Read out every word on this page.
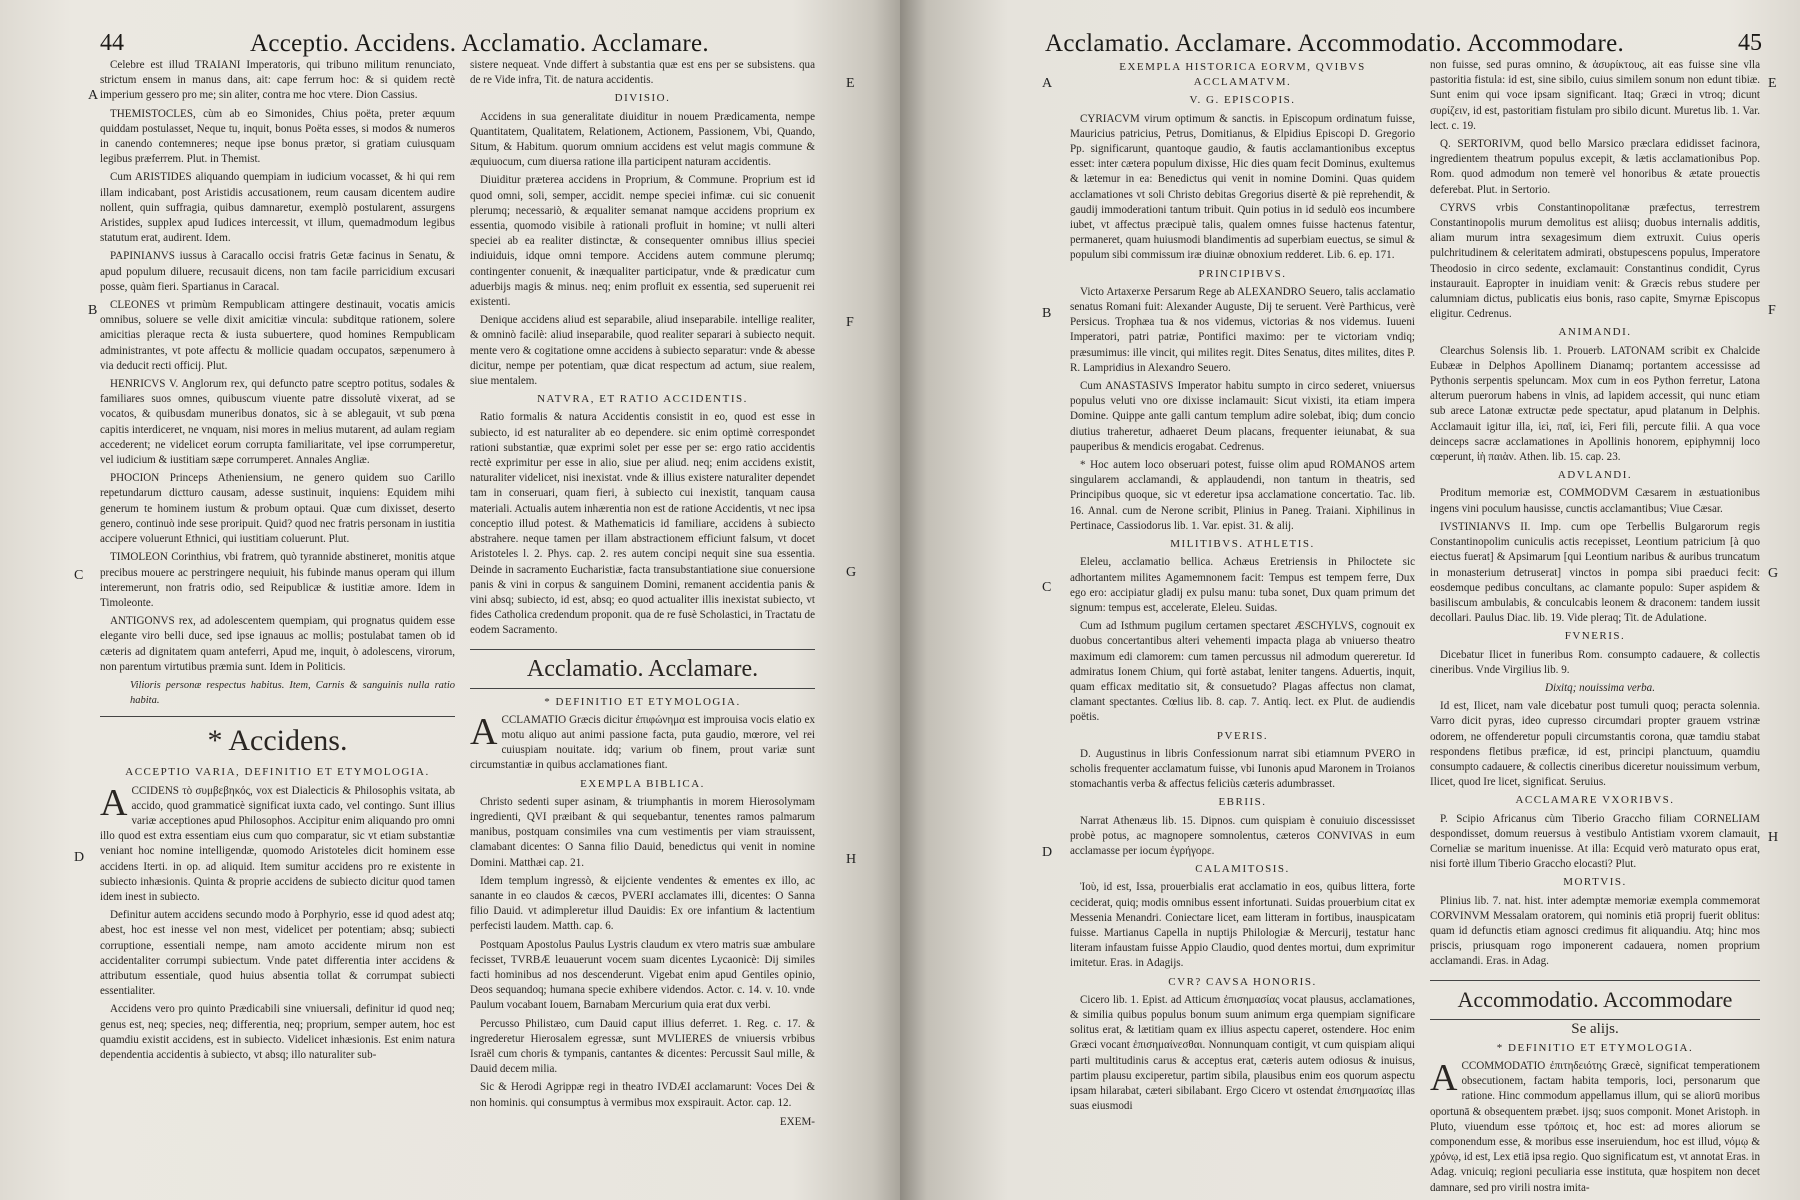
44	Acceptio. Accidens. Acclamatio. Acclamare.
A
B
C
D
E
F
G
H

Celebre est illud TRAIANI Imperatoris, qui tribuno militum renunciato, strictum ensem in manus dans, ait: cape ferrum hoc: & si quidem rectè imperium gessero pro me; sin aliter, contra me hoc vtere. Dion Cassius.

THEMISTOCLES, cùm ab eo Simonides, Chius poëta, preter æquum quiddam postulasset, Neque tu, inquit, bonus Poëta esses, si modos & numeros in canendo contemneres; neque ipse bonus prætor, si gratiam cuiusquam legibus præferrem. Plut. in Themist.

Cum ARISTIDES aliquando quempiam in iudicium vocasset, & hi qui rem illam indicabant, post Aristidis accusationem, reum causam dicentem audire nollent, quin suffragia, quibus damnaretur, exemplò postularent, assurgens Aristides, supplex apud Iudices intercessit, vt illum, quemadmodum legibus statutum erat, audirent. Idem.

PAPINIANVS iussus à Caracallo occisi fratris Getæ facinus in Senatu, & apud populum diluere, recusauit dicens, non tam facile parricidium excusari posse, quàm fieri. Spartianus in Caracal.

CLEONES vt primùm Rempublicam attingere destinauit, vocatis amicis omnibus, soluere se velle dixit amicitiæ vincula: subditque rationem, solere amicitias pleraque recta & iusta subuertere, quod homines Rempublicam administrantes, vt pote affectu & mollicie quadam occupatos, sæpenumero à via deducit recti officij. Plut.

HENRICVS V. Anglorum rex, qui defuncto patre sceptro potitus, sodales & familiares suos omnes, quibuscum viuente patre dissolutè vixerat, ad se vocatos, & quibusdam muneribus donatos, sic à se ablegauit, vt sub pœna capitis interdiceret, ne vnquam, nisi mores in melius mutarent, ad aulam regiam accederent; ne videlicet eorum corrupta familiaritate, vel ipse corrumperetur, vel iudicium & iustitiam sæpe corrumperet. Annales Angliæ.

PHOCION Princeps Atheniensium, ne genero quidem suo Carillo repetundarum dictturo causam, adesse sustinuit, inquiens: Equidem mihi generum te hominem iustum & probum optaui. Quæ cum dixisset, deserto genero, continuò inde sese proripuit. Quid? quod nec fratris personam in iustitia accipere voluerunt Ethnici, qui iustitiam coluerunt. Plut.

TIMOLEON Corinthius, vbi fratrem, quò tyrannide abstineret, monitis atque precibus mouere ac perstringere nequiuit, his fubinde manus operam qui illum interemerunt, non fratris odio, sed Reipublicæ & iustitiæ amore. Idem in Timoleonte.

ANTIGONVS rex, ad adolescentem quempiam, qui prognatus quidem esse elegante viro belli duce, sed ipse ignauus ac mollis; postulabat tamen ob id cæteris ad dignitatem quam anteferri, Apud me, inquit, ò adolescens, virorum, non parentum virtutibus præmia sunt. Idem in Politicis.

Vilioris personæ respectus habitus. Item, Carnis & sanguinis nulla ratio habita.
* Accidens.
ACCEPTIO VARIA, DEFINITIO ET ETYMOLOGIA.

ACCIDENS τὸ συμβεβηκός, vox est Dialecticis & Philosophis vsitata, ab accido, quod grammaticè significat iuxta cado, vel contingo. Sunt illius variæ acceptiones apud Philosophos. Accipitur enim aliquando pro omni illo quod est extra essentiam eius cum quo comparatur, sic vt etiam substantiæ veniant hoc nomine intelligendæ, quomodo Aristoteles dicit hominem esse accidens Iterti. in op. ad aliquid. Item sumitur accidens pro re existente in subiecto inhæsionis. Quinta & proprie accidens de subiecto dicitur quod tamen idem inest in subiecto.

Definitur autem accidens secundo modo à Porphyrio, esse id quod adest atq; abest, hoc est inesse vel non mest, videlicet per potentiam; absq; subiecti corruptione, essentiali nempe, nam amoto accidente mirum non est accidentaliter corrumpi subiectum. Vnde patet differentia inter accidens & attributum essentiale, quod huius absentia tollat & corrumpat subiecti essentialiter.

Accidens vero pro quinto Prædicabili sine vniuersali, definitur id quod neq; genus est, neq; species, neq; differentia, neq; proprium, semper autem, hoc est quamdiu existit accidens, est in subiecto. Videlicet inhæsionis. Est enim natura dependentia accidentis à subiecto, vt absq; illo naturaliter sub-

sistere nequeat. Vnde differt à substantia quæ est ens per se subsistens. qua de re Vide infra, Tit. de natura accidentis.

DIVISIO.

Accidens in sua generalitate diuiditur in nouem Prædicamenta, nempe Quantitatem, Qualitatem, Relationem, Actionem, Passionem, Vbi, Quando, Situm, & Habitum. quorum omnium accidens est velut magis commune & æquiuocum, cum diuersa ratione illa participent naturam accidentis.

Diuiditur præterea accidens in Proprium, & Commune. Proprium est id quod omni, soli, semper, accidit. nempe speciei infimæ. cui sic conuenit plerumq; necessariò, & æqualiter semanat namque accidens proprium ex essentia, quomodo visibile à rationali profluit in homine; vt nulli alteri speciei ab ea realiter distinctæ, & consequenter omnibus illius speciei indiuiduis, idque omni tempore. Accidens autem commune plerumq; contingenter conuenit, & inæqualiter participatur, vnde & prædicatur cum aduerbijs magis & minus. neq; enim profluit ex essentia, sed superuenit rei existenti.

Denique accidens aliud est separabile, aliud inseparabile. intellige realiter, & omninò facilè: aliud inseparabile, quod realiter separari à subiecto nequit. mente vero & cogitatione omne accidens à subiecto separatur: vnde & abesse dicitur, nempe per potentiam, quæ dicat respectum ad actum, siue realem, siue mentalem.

NATVRA, ET RATIO ACCIDENTIS.

Ratio formalis & natura Accidentis consistit in eo, quod est esse in subiecto, id est naturaliter ab eo dependere. sic enim optimè correspondet rationi substantiæ, quæ exprimi solet per esse per se: ergo ratio accidentis rectè exprimitur per esse in alio, siue per aliud. neq; enim accidens existit, naturaliter videlicet, nisi inexistat. vnde & illius existere naturaliter dependet tam in conseruari, quam fieri, à subiecto cui inexistit, tanquam causa materiali. Actualis autem inhærentia non est de ratione Accidentis, vt nec ipsa conceptio illud potest. & Mathematicis id familiare, accidens à subiecto abstrahere. neque tamen per illam abstractionem efficiunt falsum, vt docet Aristoteles l. 2. Phys. cap. 2. res autem concipi nequit sine sua essentia. Deinde in sacramento Eucharistiæ, facta transubstantiatione siue conuersione panis & vini in corpus & sanguinem Domini, remanent accidentia panis & vini absq; subiecto, id est, absq; eo quod actualiter illis inexistat subiecto, vt fides Catholica credendum proponit. qua de re fusè Scholastici, in Tractatu de eodem Sacramento.

Acclamatio. Acclamare.
* DEFINITIO ET ETYMOLOGIA.

ACCLAMATIO Græcis dicitur ἐπιφώνημα est improuisa vocis elatio ex motu aliquo aut animi passione facta, puta gaudio, mœrore, vel rei cuiuspiam nouitate. idq; varium ob finem, prout variæ sunt circumstantiæ in quibus acclamationes fiant.

EXEMPLA BIBLICA.

Christo sedenti super asinam, & triumphantis in morem Hierosolymam ingredienti, QVI præibant & qui sequebantur, tenentes ramos palmarum manibus, postquam consimiles vna cum vestimentis per viam strauissent, clamabant dicentes: O Sanna filio Dauid, benedictus qui venit in nomine Domini. Matthæi cap. 21.

Idem templum ingressò, & eijciente vendentes & ementes ex illo, ac sanante in eo claudos & cæcos, PVERI acclamates illi, dicentes: O Sanna filio Dauid. vt adimpleretur illud Dauidis: Ex ore infantium & lactentium perfecisti laudem. Matth. cap. 6.

Postquam Apostolus Paulus Lystris claudum ex vtero matris suæ ambulare fecisset, TVRBÆ leuauerunt vocem suam dicentes Lycaonicè: Dij similes facti hominibus ad nos descenderunt. Vigebat enim apud Gentiles opinio, Deos sequandoq; humana specie exhibere videndos. Actor. c. 14. v. 10. vnde Paulum vocabant Iouem, Barnabam Mercurium quia erat dux verbi.

Percusso Philistæo, cum Dauid caput illius deferret. 1. Reg. c. 17. & ingrederetur Hierosalem egressæ, sunt MVLIERES de vniuersis vrbibus Israël cum choris & tympanis, cantantes & dicentes: Percussit Saul mille, & Dauid decem milia.

Sic & Herodi Agrippæ regi in theatro IVDÆI acclamarunt: Voces Dei & non hominis. qui consumptus à vermibus mox exspirauit. Actor. cap. 12.

EXEM-
Acclamatio. Acclamare. Accommodatio. Accommodare.	45
A
B
C
D
E
F
G
H
EXEMPLA HISTORICA EORVM, QVIBVS ACCLAMATVM.
V. G. EPISCOPIS.

CYRIACVM virum optimum & sanctis. in Episcopum ordinatum fuisse, Mauricius patricius, Petrus, Domitianus, & Elpidius Episcopi D. Gregorio Pp. significarunt, quantoque gaudio, & fautis acclamantionibus exceptus esset: inter cætera populum dixisse, Hic dies quam fecit Dominus, exultemus & lætemur in ea: Benedictus qui venit in nomine Domini. Quas quidem acclamationes vt soli Christo debitas Gregorius disertè & piè reprehendit, & gaudij immoderationi tantum tribuit. Quin potius in id sedulò eos incumbere iubet, vt affectus præcipuè talis, qualem omnes fuisse hactenus fatentur, permaneret, quam huiusmodi blandimentis ad superbiam euectus, se simul & populum sibi commissum iræ diuinæ obnoxium redderet. Lib. 6. ep. 171.

PRINCIPIBVS.

Victo Artaxerxe Persarum Rege ab ALEXANDRO Seuero, talis acclamatio senatus Romani fuit: Alexander Auguste, Dij te seruent. Verè Parthicus, verè Persicus. Trophæa tua & nos videmus, victorias & nos videmus. Iuueni Imperatori, patri patriæ, Pontifici maximo: per te victoriam vndiq; præsumimus: ille vincit, qui milites regit. Dites Senatus, dites milites, dites P. R. Lampridius in Alexandro Seuero.

Cum ANASTASIVS Imperator habitu sumpto in circo sederet, vniuersus populus veluti vno ore dixisse inclamauit: Sicut vixisti, ita etiam impera Domine. Quippe ante galli cantum templum adire solebat, ibiq; dum concio diutius traheretur, adhaeret Deum placans, frequenter ieiunabat, & sua pauperibus & mendicis erogabat. Cedrenus.

* Hoc autem loco obseruari potest, fuisse olim apud ROMANOS artem singularem acclamandi, & applaudendi, non tantum in theatris, sed Principibus quoque, sic vt ederetur ipsa acclamatione concertatio. Tac. lib. 16. Annal. cum de Nerone scribit, Plinius in Paneg. Traiani. Xiphilinus in Pertinace, Cassiodorus lib. 1. Var. epist. 31. & alij.

MILITIBVS. ATHLETIS.

Eleleu, acclamatio bellica. Achæus Eretriensis in Philoctete sic adhortantem milites Agamemnonem facit: Tempus est tempem ferre, Dux ego ero: accipiatur gladij ex pulsu manu: tuba sonet, Dux quam primum det signum: tempus est, accelerate, Eleleu. Suidas.

Cum ad Isthmum pugilum certamen spectaret ÆSCHYLVS, cognouit ex duobus concertantibus alteri vehementi impacta plaga ab vniuerso theatro maximum edi clamorem: cum tamen percussus nil admodum quereretur. Id admiratus Ionem Chium, qui fortè astabat, leniter tangens. Aduertis, inquit, quam efficax meditatio sit, & consuetudo? Plagas affectus non clamat, clamant spectantes. Cœlius lib. 8. cap. 7. Antiq. lect. ex Plut. de audiendis poëtis.

PVERIS.

D. Augustinus in libris Confessionum narrat sibi etiamnum PVERO in scholis frequenter acclamatum fuisse, vbi Iunonis apud Maronem in Troianos stomachantis verba & affectus feliciùs cæteris adumbrasset.

EBRIIS.

Narrat Athenæus lib. 15. Dipnos. cum quispiam è conuiuio discessisset probè potus, ac magnopere somnolentus, cæteros CONVIVAS in eum acclamasse per iocum ἐγρήγορε.

CALAMITOSIS.

Ἰοὺ, id est, Issa, prouerbialis erat acclamatio in eos, quibus littera, forte ceciderat, quiq; modis omnibus essent infortunati. Suidas prouerbium citat ex Messenia Menandri. Coniectare licet, eam litteram in fortibus, inauspicatam fuisse. Martianus Capella in nuptijs Philologiæ & Mercurij, testatur hanc literam infaustam fuisse Appio Claudio, quod dentes mortui, dum exprimitur imitetur. Eras. in Adagijs.

CVR? CAVSA HONORIS.

Cicero lib. 1. Epist. ad Atticum ἐπισημασίας vocat plausus, acclamationes, & similia quibus populus bonum suum animum erga quempiam significare solitus erat, & lætitiam quam ex illius aspectu caperet, ostendere. Hoc enim Græci vocant ἐπισημαίνεσθαι. Nonnunquam contigit, vt cum quispiam aliqui parti multitudinis carus & acceptus erat, cæteris autem odiosus & inuisus, partim plausu exciperetur, partim sibila, plausibus enim eos quorum aspectu ipsam hilarabat, cæteri sibilabant. Ergo Cicero vt ostendat ἐπισημασίας illas suas eiusmodi

non fuisse, sed puras omnino, & ἀσυρίκτους, ait eas fuisse sine vlla pastoritia fistula: id est, sine sibilo, cuius similem sonum non edunt tibiæ. Sunt enim qui voce ipsam significant. Itaq; Græci in vtroq; dicunt συρίζειν, id est, pastoritiam fistulam pro sibilo dicunt. Muretus lib. 1. Var. lect. c. 19.

Q. SERTORIVM, quod bello Marsico præclara edidisset facinora, ingredientem theatrum populus excepit, & lætis acclamationibus Pop. Rom. quod admodum non temerè vel honoribus & ætate prouectis deferebat. Plut. in Sertorio.

CYRVS vrbis Constantinopolitanæ præfectus, terrestrem Constantinopolis murum demolitus est aliisq; duobus internalis additis, aliam murum intra sexagesimum diem extruxit. Cuius operis pulchritudinem & celeritatem admirati, obstupescens populus, Imperatore Theodosio in circo sedente, exclamauit: Constantinus condidit, Cyrus instaurauit. Eapropter in inuidiam venit: & Græcis rebus studere per calumniam dictus, publicatis eius bonis, raso capite, Smyrnæ Episcopus eligitur. Cedrenus.

ANIMANDI.

Clearchus Solensis lib. 1. Prouerb. LATONAM scribit ex Chalcide Eubææ in Delphos Apollinem Dianamq; portantem accessisse ad Pythonis serpentis speluncam. Mox cum in eos Python ferretur, Latona alterum puerorum habens in vlnis, ad lapidem accessit, qui nunc etiam sub arece Latonæ extructæ pede spectatur, apud platanum in Delphis. Acclamauit igitur illa, ἱεὶ, παῖ, ἱεὶ, Feri fili, percute filii. A qua voce deinceps sacræ acclamationes in Apollinis honorem, epiphymnij loco cœperunt, ἰὴ παιὰν. Athen. lib. 15. cap. 23.

ADVLANDI.

Proditum memoriæ est, COMMODVM Cæsarem in æstuationibus ingens vini poculum hausisse, cunctis acclamantibus; Viue Cæsar.

IVSTINIANVS II. Imp. cum ope Terbellis Bulgarorum regis Constantinopolim cuniculis actis recepisset, Leontium patricium [à quo eiectus fuerat] & Apsimarum [qui Leontium naribus & auribus truncatum in monasterium detruserat] vinctos in pompa sibi praeduci fecit: eosdemque pedibus concultans, ac clamante populo: Super aspidem & basiliscum ambulabis, & conculcabis leonem & draconem: tandem iussit decollari. Paulus Diac. lib. 19. Vide pleraq; Tit. de Adulatione.

FVNERIS.

Dicebatur Ilicet in funeribus Rom. consumpto cadauere, & collectis cineribus. Vnde Virgilius lib. 9.

Dixitq; nouissima verba.

Id est, Ilicet, nam vale dicebatur post tumuli quoq; peracta solennia. Varro dicit pyras, ideo cupresso circumdari propter grauem vstrinæ odorem, ne offenderetur populi circumstantis corona, quæ tamdiu stabat respondens fletibus præficæ, id est, principi planctuum, quamdiu consumpto cadauere, & collectis cineribus diceretur nouissimum verbum, Ilicet, quod Ire licet, significat. Seruius.

ACCLAMARE VXORIBVS.

P. Scipio Africanus cùm Tiberio Graccho filiam CORNELIAM despondisset, domum reuersus à vestibulo Antistiam vxorem clamauit, Corneliæ se maritum inuenisse. At illa: Ecquid verò maturato opus erat, nisi fortè illum Tiberio Graccho elocasti? Plut.

MORTVIS.

Plinius lib. 7. nat. hist. inter ademptæ memoriæ exempla commemorat CORVINVM Messalam oratorem, qui nominis etiā proprij fuerit oblitus: quam id defunctis etiam agnosci credimus fit aliquandiu. Atq; hinc mos priscis, priusquam rogo imponerent cadauera, nomen proprium acclamandi. Eras. in Adag.

Accommodatio. Accommodare
Se alijs.
* DEFINITIO ET ETYMOLOGIA.

ACCOMMODATIO ἐπιτηδειότης Græcè, significat temperationem obsecutionem, factam habita temporis, loci, personarum que ratione. Hinc commodum appellamus illum, qui se aliorū moribus oportunā & obsequentem præbet. ijsq; suos componit. Monet Aristoph. in Pluto, viuendum esse τρόποις et, hoc est: ad mores aliorum se componendum esse, & moribus esse inseruiendum, hoc est illud, νόμῳ & χρόνῳ, id est, Lex etiā ipsa regio. Quo significatum est, vt annotat Eras. in Adag. vnicuiq; regioni peculiaria esse instituta, quæ hospitem non decet damnare, sed pro virili nostra imita-
